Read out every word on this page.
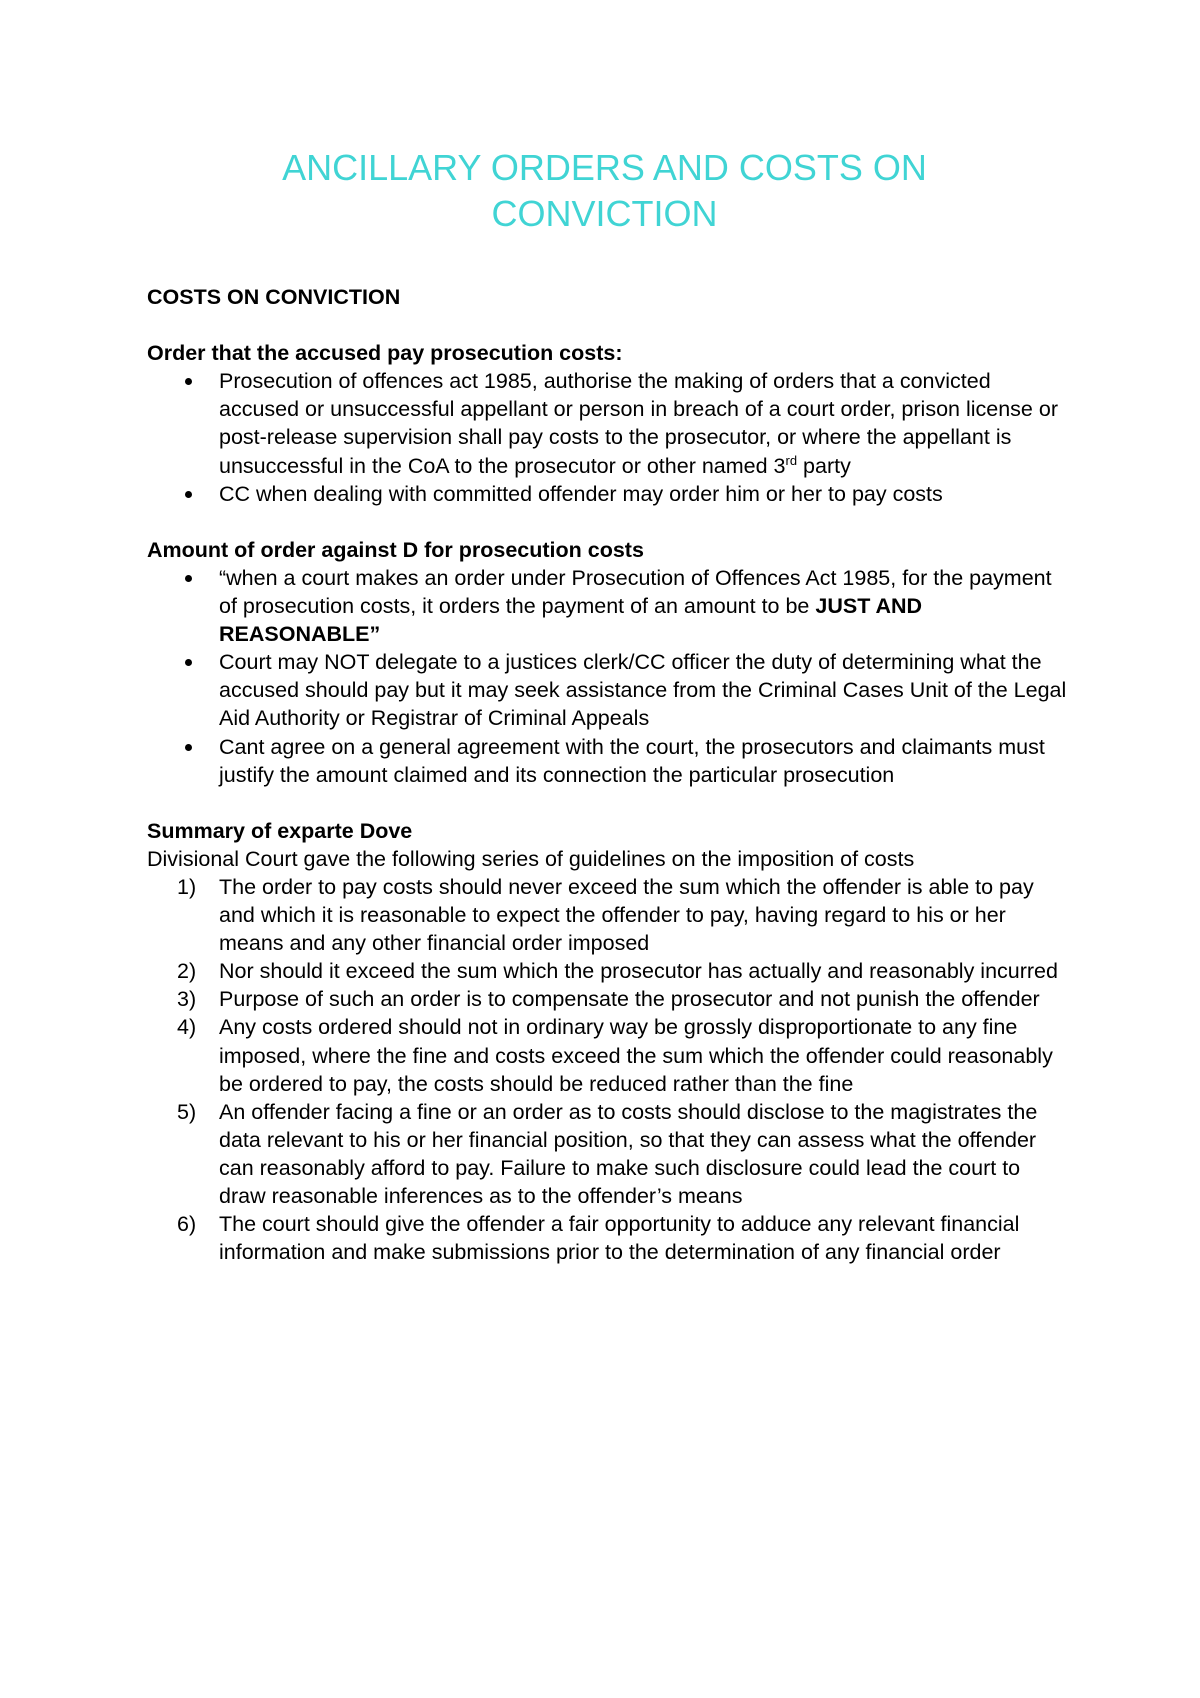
ANCILLARY ORDERS AND COSTS ON
CONVICTION

COSTS ON CONVICTION

Order that the accused pay prosecution costs:

Prosecution of offences act 1985, authorise the making of orders that a convicted accused or unsuccessful appellant or person in breach of a court order, prison license or post-release supervision shall pay costs to the prosecutor, or where the appellant is unsuccessful in the CoA to the prosecutor or other named 3rd party
CC when dealing with committed offender may order him or her to pay costs

Amount of order against D for prosecution costs

“when a court makes an order under Prosecution of Offences Act 1985, for the payment of prosecution costs, it orders the payment of an amount to be JUST AND REASONABLE”
Court may NOT delegate to a justices clerk/CC officer the duty of determining what the accused should pay but it may seek assistance from the Criminal Cases Unit of the Legal Aid Authority or Registrar of Criminal Appeals
Cant agree on a general agreement with the court, the prosecutors and claimants must justify the amount claimed and its connection the particular prosecution

Summary of exparte Dove

Divisional Court gave the following series of guidelines on the imposition of costs

1)	The order to pay costs should never exceed the sum which the offender is able to pay and which it is reasonable to expect the offender to pay, having regard to his or her means and any other financial order imposed
2)	Nor should it exceed the sum which the prosecutor has actually and reasonably incurred
3)	Purpose of such an order is to compensate the prosecutor and not punish the offender
4)	Any costs ordered should not in ordinary way be grossly disproportionate to any fine imposed, where the fine and costs exceed the sum which the offender could reasonably be ordered to pay, the costs should be reduced rather than the fine
5)	An offender facing a fine or an order as to costs should disclose to the magistrates the data relevant to his or her financial position, so that they can assess what the offender can reasonably afford to pay. Failure to make such disclosure could lead the court to draw reasonable inferences as to the offender’s means
6)	The court should give the offender a fair opportunity to adduce any relevant financial information and make submissions prior to the determination of any financial order
